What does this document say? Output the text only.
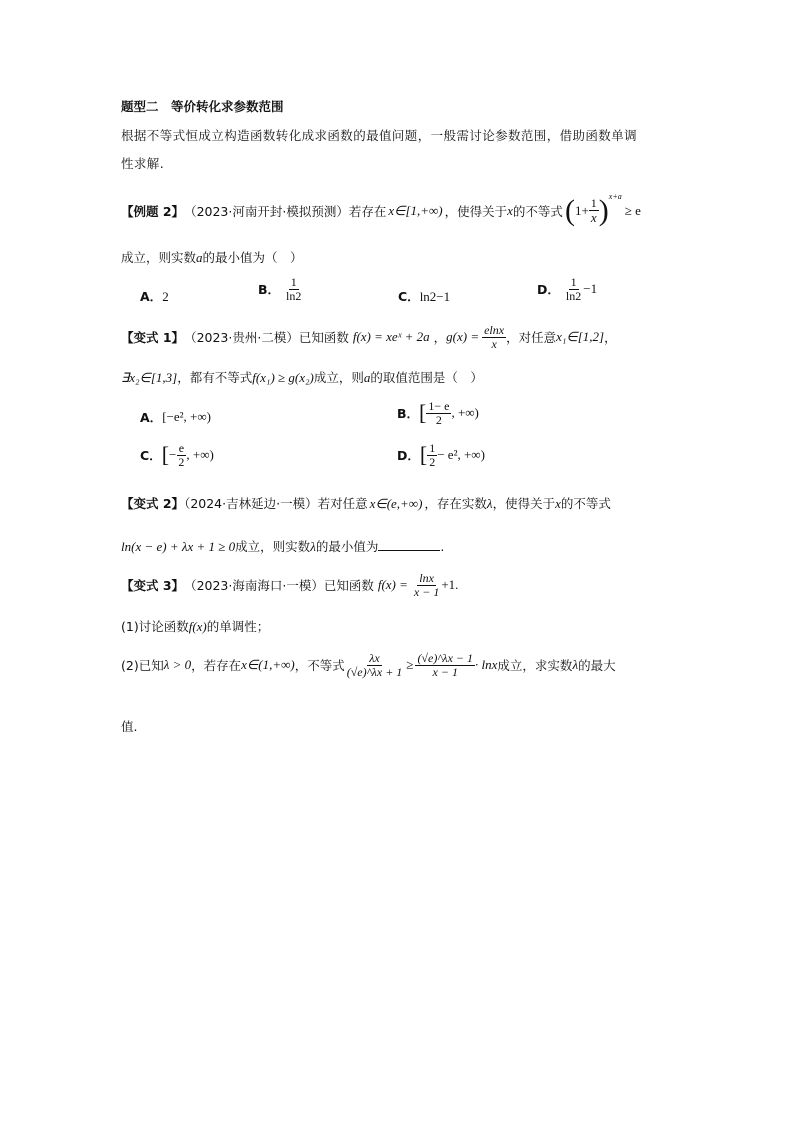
题型二　等价转化求参数范围
根据不等式恒成立构造函数转化成求函数的最值问题，一般需讨论参数范围，借助函数单调
性求解.
【例题 2】 （2023·河南开封·模拟预测） 若存在 x∈[1,+∞) ，使得关于 x 的不等式 ( $1+ \frac{1}{x}$ ) x+a
≥ e
成立，则实数a的最小值为（　）
A．2	B． $\frac{1}{\ln 2}$	C．ln2−1	D． $\frac{1}{\ln 2} -1$
【变式 1】 （2023·贵州·二模） 已知函数 f(x) = xeˣ + 2a ， $g(x) = \frac{elnx}{x}$ ，对任意 x₁∈[1,2] ，
∃x₂∈[1,3]，都有不等式f(x₁) ≥ g(x₂)成立，则a的取值范围是（　）
A． [−e², +∞)	B． [ $\frac{1- e}{2}$ , +∞)
C． [ − $\frac{e}{2}$ , +∞)	D． [ $\frac{1}{2} - e^2$, +∞)
【变式 2】（2024·吉林延边·一模）若对任意 x∈(e,+∞) ，存在实数λ，使得关于x的不等式
ln(x − e) + λx + 1 ≥ 0成立，则实数λ的最小值为	.
【变式 3】 （2023·海南海口·一模） 已知函数 $f(x) = \frac{\ln x}{x - 1} +1$.
(1)讨论函数f(x)的单调性；
(2)已知 λ > 0 ，若存在 x∈(1,+∞) ，不等式 $\frac{\lambda x}{(√e)\^{}\lambda x + 1} \ge \frac{(√e)\^{}\lambda x - 1}{x - 1} \cdot \ln x$ 成立，求实数 λ 的最大
值.
